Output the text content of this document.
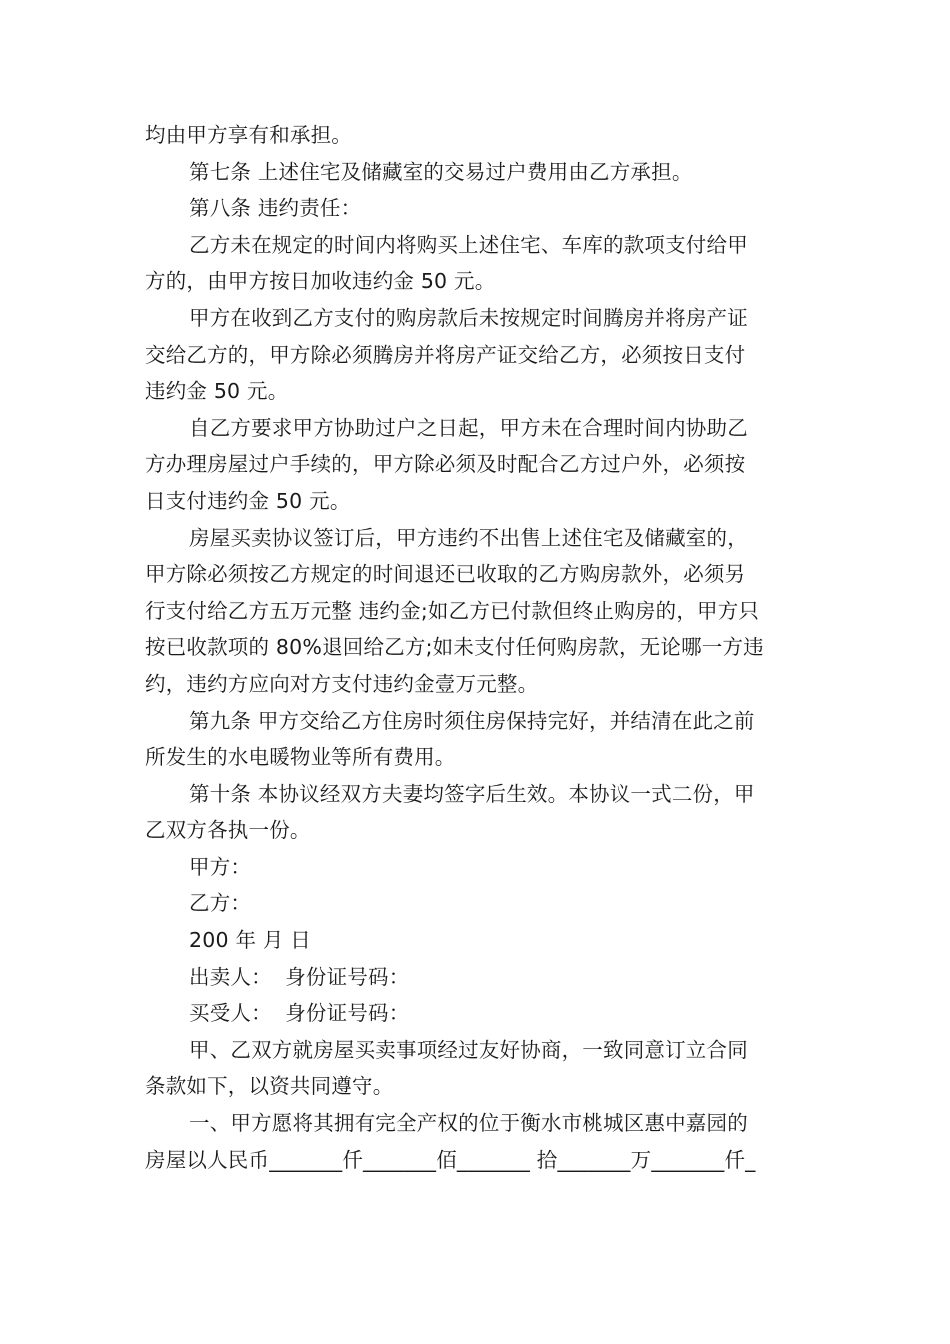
均由甲方享有和承担。
第七条 上述住宅及储藏室的交易过户费用由乙方承担。
第八条 违约责任：
乙方未在规定的时间内将购买上述住宅、车库的款项支付给甲
方的，由甲方按日加收违约金 50 元。
甲方在收到乙方支付的购房款后未按规定时间腾房并将房产证
交给乙方的，甲方除必须腾房并将房产证交给乙方，必须按日支付
违约金 50 元。
自乙方要求甲方协助过户之日起，甲方未在合理时间内协助乙
方办理房屋过户手续的，甲方除必须及时配合乙方过户外，必须按
日支付违约金 50 元。
房屋买卖协议签订后，甲方违约不出售上述住宅及储藏室的，
甲方除必须按乙方规定的时间退还已收取的乙方购房款外，必须另
行支付给乙方五万元整 违约金;如乙方已付款但终止购房的，甲方只
按已收款项的 80%退回给乙方;如未支付任何购房款，无论哪一方违
约，违约方应向对方支付违约金壹万元整。
第九条 甲方交给乙方住房时须住房保持完好，并结清在此之前
所发生的水电暖物业等所有费用。
第十条 本协议经双方夫妻均签字后生效。本协议一式二份，甲
乙双方各执一份。
甲方：
乙方：
200 年 月 日
出卖人：  身份证号码：
买受人：  身份证号码：
甲、乙双方就房屋买卖事项经过友好协商，一致同意订立合同
条款如下，以资共同遵守。
一、甲方愿将其拥有完全产权的位于衡水市桃城区惠中嘉园的
房屋以人民币_______仟_______佰_______ 拾_______万_______仟_
